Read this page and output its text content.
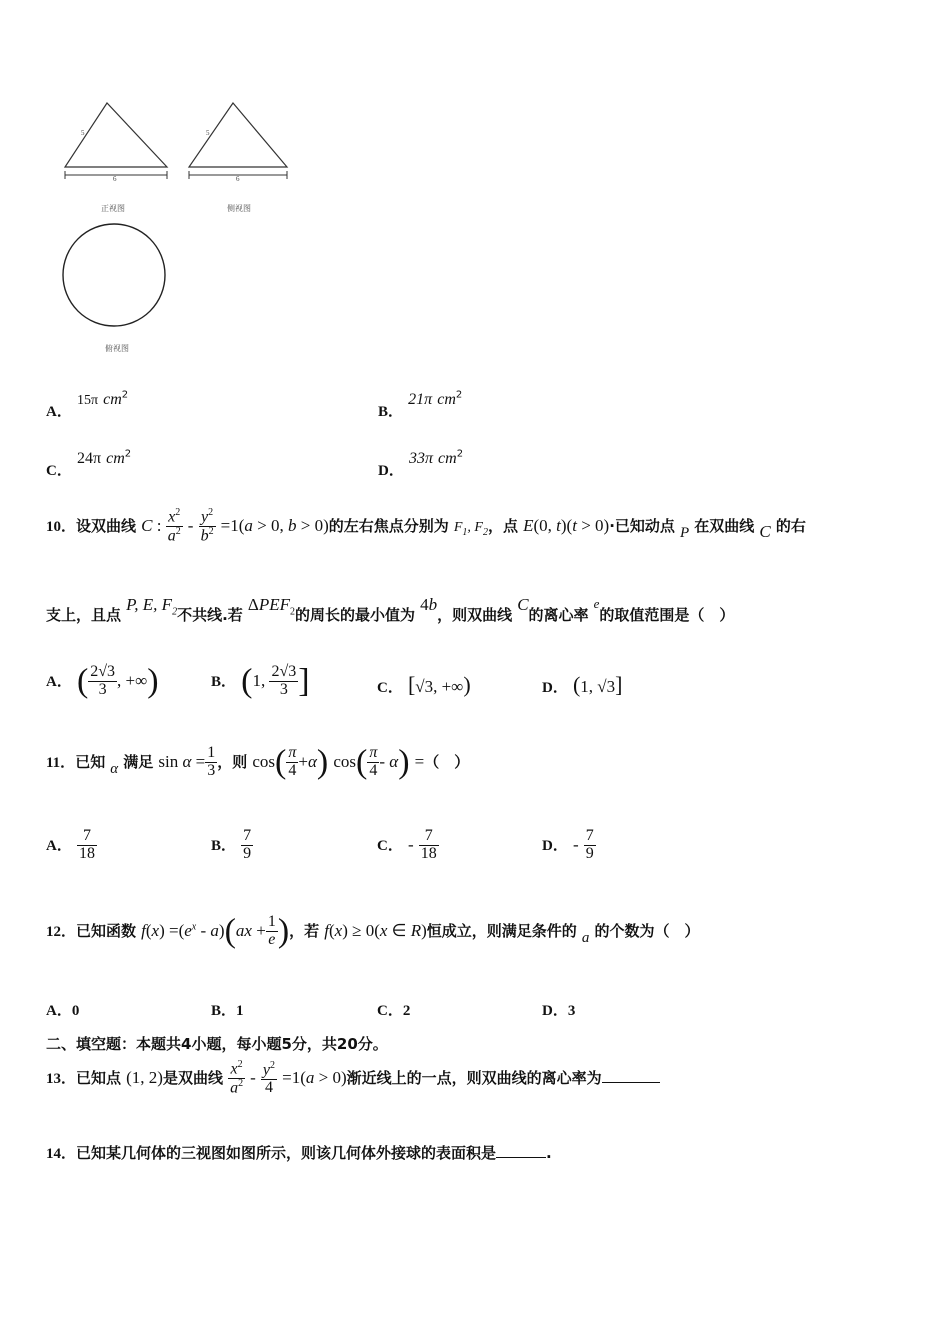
5
6
正视图
5
6
侧视图
俯视图
A． 15π $cm^2$
B． 21π $cm^2$
C． 24π $cm^2$
D． 33π $cm^2$
10．设双曲线 C : $\frac{x^2}{a^2} - \frac{y^2}{b^2} =1(a > 0$, b > 0)的左右焦点分别为 $F_1$, $F_2$，点 E(0, t)(t > 0)·已知动点 P 在双曲线 C 的右
支上，且点 P, E, $F_2$不共线.若 $\Delta PEF_2$的周长的最小值为 4b，则双曲线 C的离心率 $^e$的取值范围是（　）
A． ( $\frac{2√3}{3}$ , +∞)	B． (1, $\frac{2√3}{3}$ ]	C． [√3, +∞)	D． (1, √3]
11．已知 α 满足 $\sin \alpha = \frac{1}{3}$ ，则 $\cos( \frac{\pi}{4} +\alpha)$ $\cos( \frac{\pi}{4} - \alpha)$ =（　）
A． $\frac{7}{18}$	B． $\frac{7}{9}$	C． - $\frac{7}{18}$	D． - $\frac{7}{9}$
12．已知函数 $f(x) =(e^x - a)(ax + \frac{1}{e}$ )，若 f(x) ≥ 0(x ∈ R)恒成立，则满足条件的 a 的个数为（　）
A．0	B．1	C．2	D．3
二、填空题：本题共4小题，每小题5分，共20分。
13．已知点 (1, 2)是双曲线 $\frac{x^2}{a^2} - \frac{y^2}{4} =1(a > 0)$渐近线上的一点，则双曲线的离心率为
14．已知某几何体的三视图如图所示，则该几何体外接球的表面积是	.
